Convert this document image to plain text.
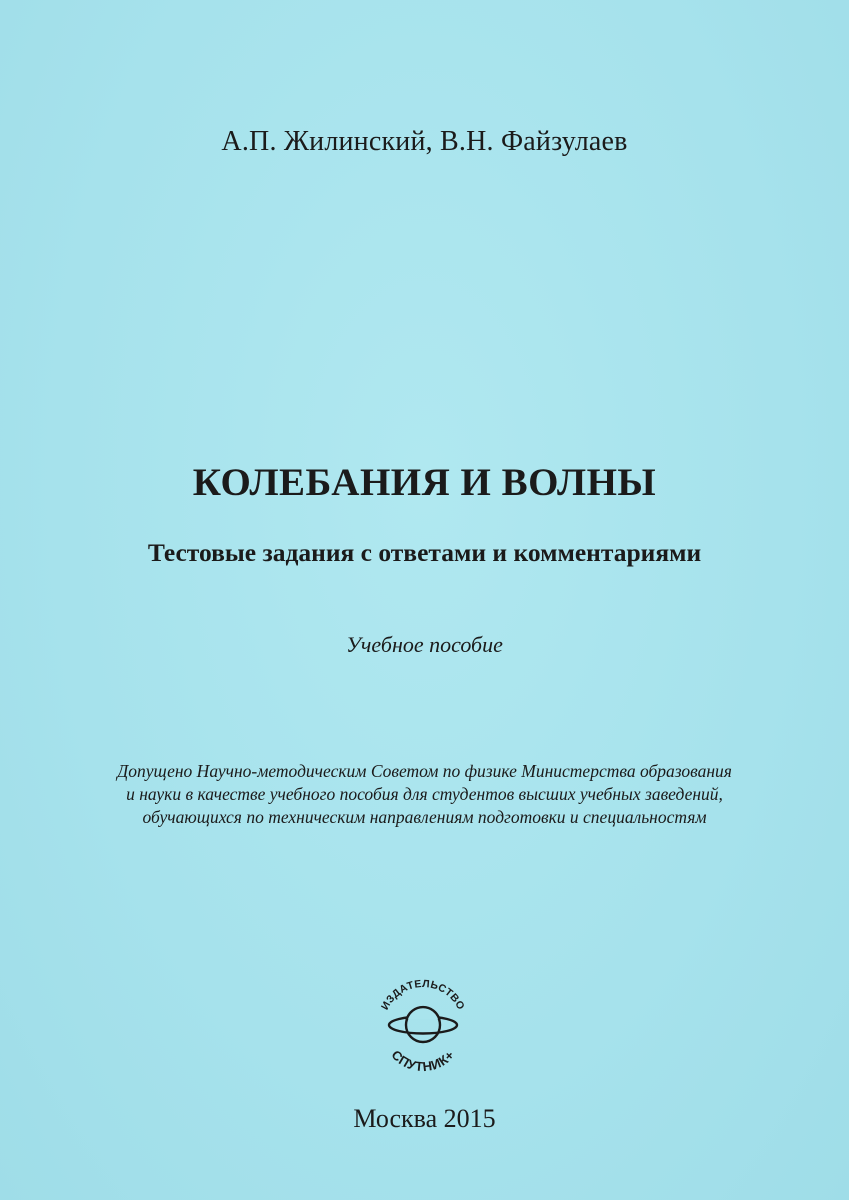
А.П. Жилинский, В.Н. Файзулаев
КОЛЕБАНИЯ И ВОЛНЫ
Тестовые задания с ответами и комментариями
Учебное пособие
Допущено Научно-методическим Советом по физике Министерства образования
и науки в качестве учебного пособия для студентов высших учебных заведений,
обучающихся по техническим направлениям подготовки и специальностям
ИЗДАТЕЛЬСТВО
СПУТНИК+
Москва 2015
